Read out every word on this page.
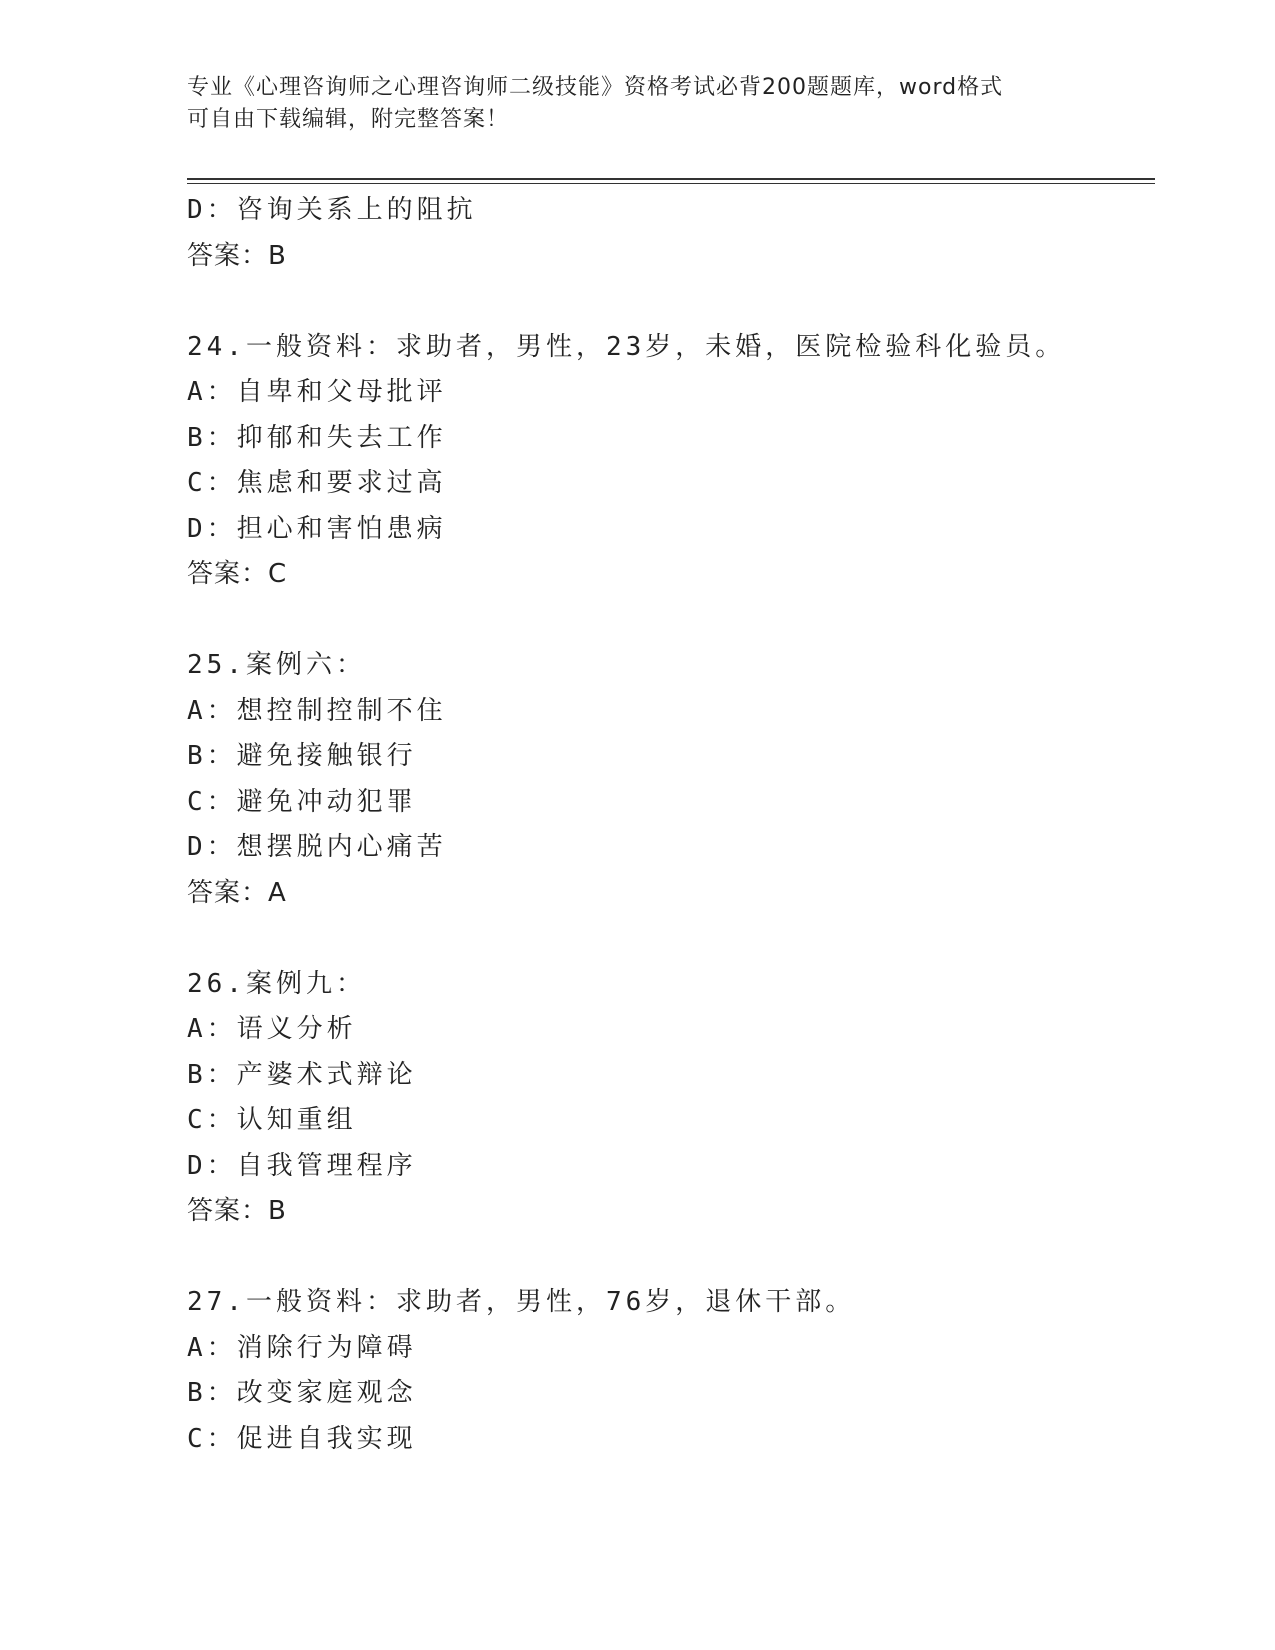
专业《心理咨询师之心理咨询师二级技能》资格考试必背200题题库，word格式
可自由下载编辑，附完整答案！
D：咨询关系上的阻抗
答案：B
24.一般资料：求助者，男性，23岁，未婚，医院检验科化验员。
A：自卑和父母批评
B：抑郁和失去工作
C：焦虑和要求过高
D：担心和害怕患病
答案：C
25.案例六：
A：想控制控制不住
B：避免接触银行
C：避免冲动犯罪
D：想摆脱内心痛苦
答案：A
26.案例九：
A：语义分析
B：产婆术式辩论
C：认知重组
D：自我管理程序
答案：B
27.一般资料：求助者，男性，76岁，退休干部。
A：消除行为障碍
B：改变家庭观念
C：促进自我实现
